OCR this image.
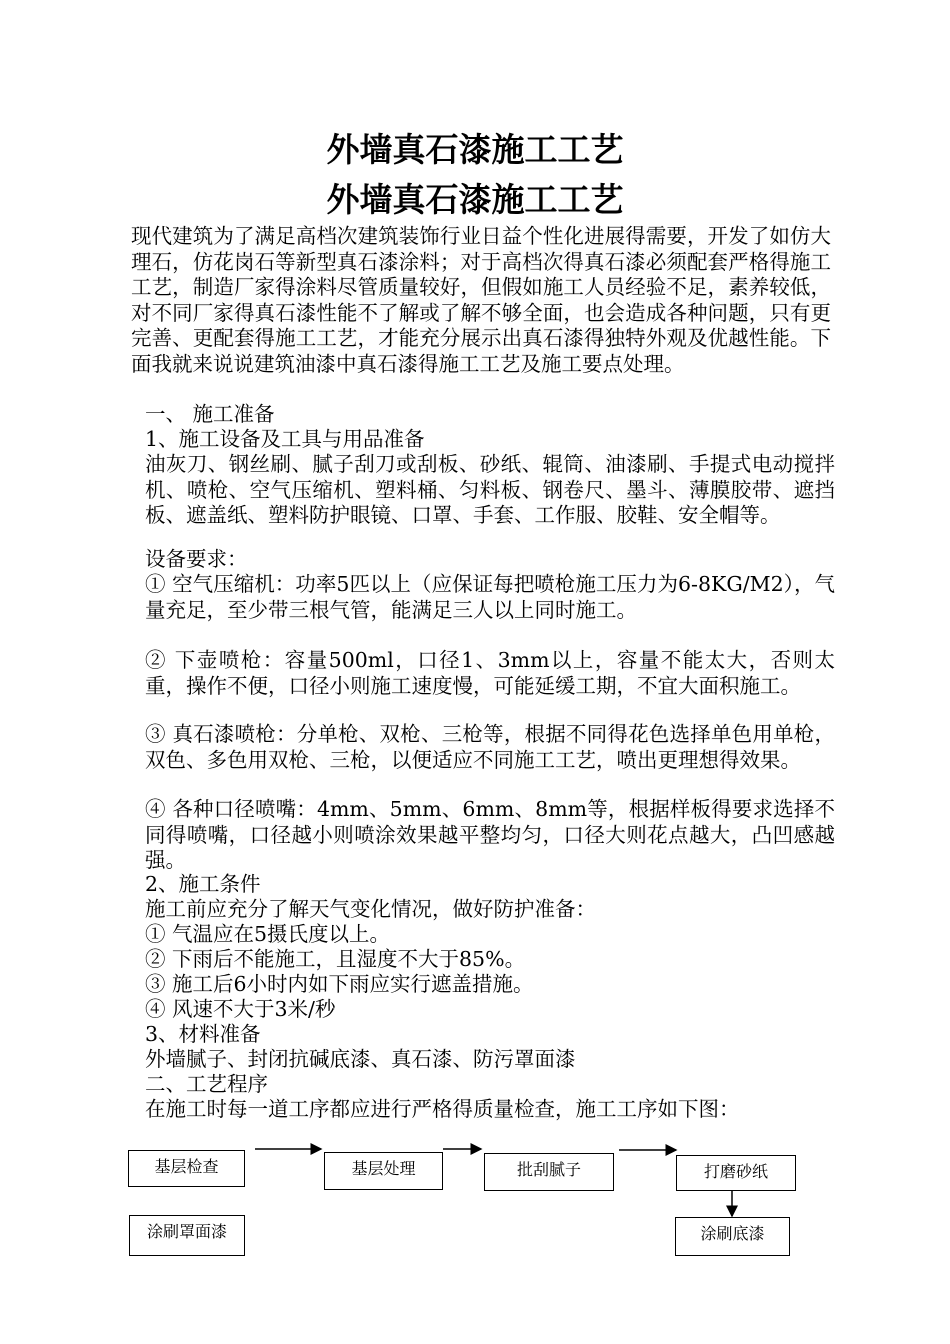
外墙真石漆施工工艺
外墙真石漆施工工艺
现代建筑为了满足高档次建筑装饰行业日益个性化进展得需要，开发了如仿大理石，仿花岗石等新型真石漆涂料；对于高档次得真石漆必须配套严格得施工工艺，制造厂家得涂料尽管质量较好，但假如施工人员经验不足，素养较低，对不同厂家得真石漆性能不了解或了解不够全面，也会造成各种问题，只有更完善、更配套得施工工艺，才能充分展示出真石漆得独特外观及优越性能。下面我就来说说建筑油漆中真石漆得施工工艺及施工要点处理。
一、 施工准备
1、施工设备及工具与用品准备
油灰刀、钢丝刷、腻子刮刀或刮板、砂纸、辊筒、油漆刷、手提式电动搅拌机、喷枪、空气压缩机、塑料桶、匀料板、钢卷尺、墨斗、薄膜胶带、遮挡板、遮盖纸、塑料防护眼镜、口罩、手套、工作服、胶鞋、安全帽等。
设备要求：
① 空气压缩机：功率5匹以上（应保证每把喷枪施工压力为6-8KG/M2），气量充足，至少带三根气管，能满足三人以上同时施工。
② 下壶喷枪：容量500ml，口径1、3mm以上，容量不能太大，否则太重，操作不便，口径小则施工速度慢，可能延缓工期，不宜大面积施工。
③ 真石漆喷枪：分单枪、双枪、三枪等，根据不同得花色选择单色用单枪，双色、多色用双枪、三枪，以便适应不同施工工艺，喷出更理想得效果。
④ 各种口径喷嘴：4mm、5mm、6mm、8mm等，根据样板得要求选择不同得喷嘴，口径越小则喷涂效果越平整均匀，口径大则花点越大，凸凹感越强。
2、施工条件
施工前应充分了解天气变化情况，做好防护准备：
① 气温应在5摄氏度以上。
② 下雨后不能施工，且湿度不大于85%。
③ 施工后6小时内如下雨应实行遮盖措施。
④ 风速不大于3米/秒
3、材料准备
外墙腻子、封闭抗碱底漆、真石漆、防污罩面漆
二、工艺程序
在施工时每一道工序都应进行严格得质量检查，施工工序如下图：
基层检查	基层处理	批刮腻子	打磨砂纸
涂刷底漆
涂刷罩面漆
